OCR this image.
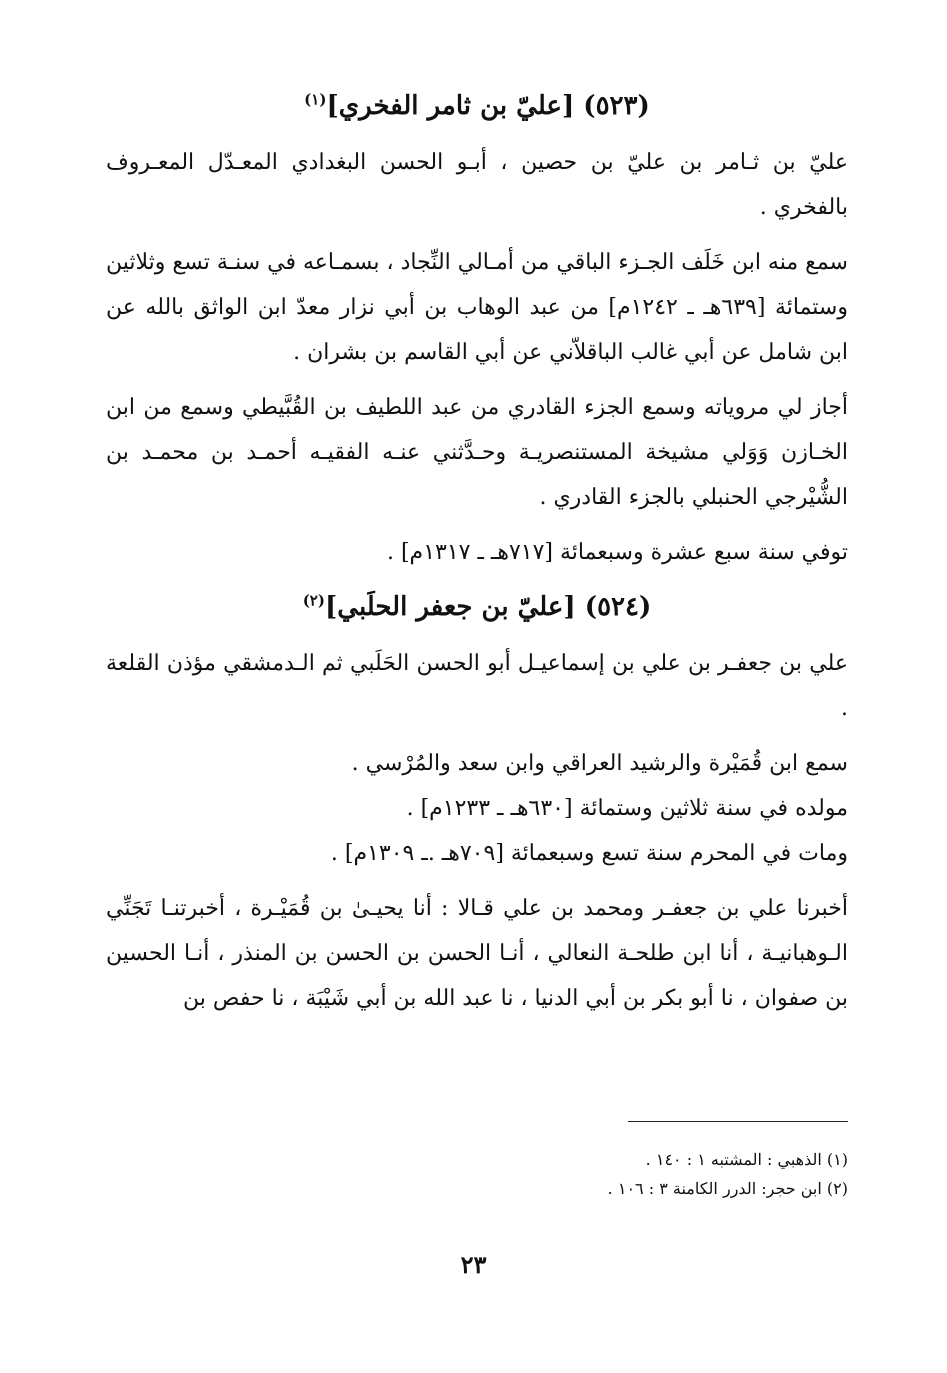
(٥٢٣) [عليّ بن ثامر الفخري]$^{(١)}$

عليّ بن ثـامر بن عليّ بن حصين ، أبـو الحسن البغدادي المعـدّل المعـروف بالفخري .

سمع منه ابن خَلَف الجـزء الباقي من أمـالي النِّجاد ، بسمـاعه في سنـة تسع وثلاثين وستمائة [٦٣٩هـ ـ ١٢٤٢م] من عبد الوهاب بن أبي نزار معدّ ابن الواثق بالله عن ابن شامل عن أبي غالب الباقلاّني عن أبي القاسم بن بشران .

أجاز لي مروياته وسمع الجزء القادري من عبد اللطيف بن القُبَّيطي وسمع من ابن الخـازن وَوَلي مشيخة المستنصريـة وحـدَّثني عنـه الفقيـه أحمـد بن محمـد بن الشُّيْرجي الحنبلي بالجزء القادري .

توفي سنة سبع عشرة وسبعمائة [٧١٧هـ ـ ١٣١٧م] .

(٥٢٤) [عليّ بن جعفر الحلَبي]$^{(٢)}$

علي بن جعفـر بن علي بن إسماعيـل أبو الحسن الحَلَبي ثم الـدمشقي مؤذن القلعة .

سمع ابن قُمَيْرة والرشيد العراقي وابن سعد والمُرْسي .

مولده في سنة ثلاثين وستمائة [٦٣٠هـ ـ ١٢٣٣م] .

ومات في المحرم سنة تسع وسبعمائة [٧٠٩هـ .ـ ١٣٠٩م] .

أخبرنا علي بن جعفـر ومحمد بن علي قـالا : أنا يحيـىٰ بن قُمَيْـرة ، أخبرتنـا تَجَنِّي الـوهبانيـة ، أنا ابن طلحـة النعالي ، أنـا الحسن بن الحسن بن المنذر ، أنـا الحسين بن صفوان ، نا أبو بكر بن أبي الدنيا ، نا عبد الله بن أبي شَيْبَة ، نا حفص بن

(١) الذهبي : المشتبه ١ : ١٤٠ .

(٢) ابن حجر: الدرر الكامنة ٣ : ١٠٦ .

٢٣
